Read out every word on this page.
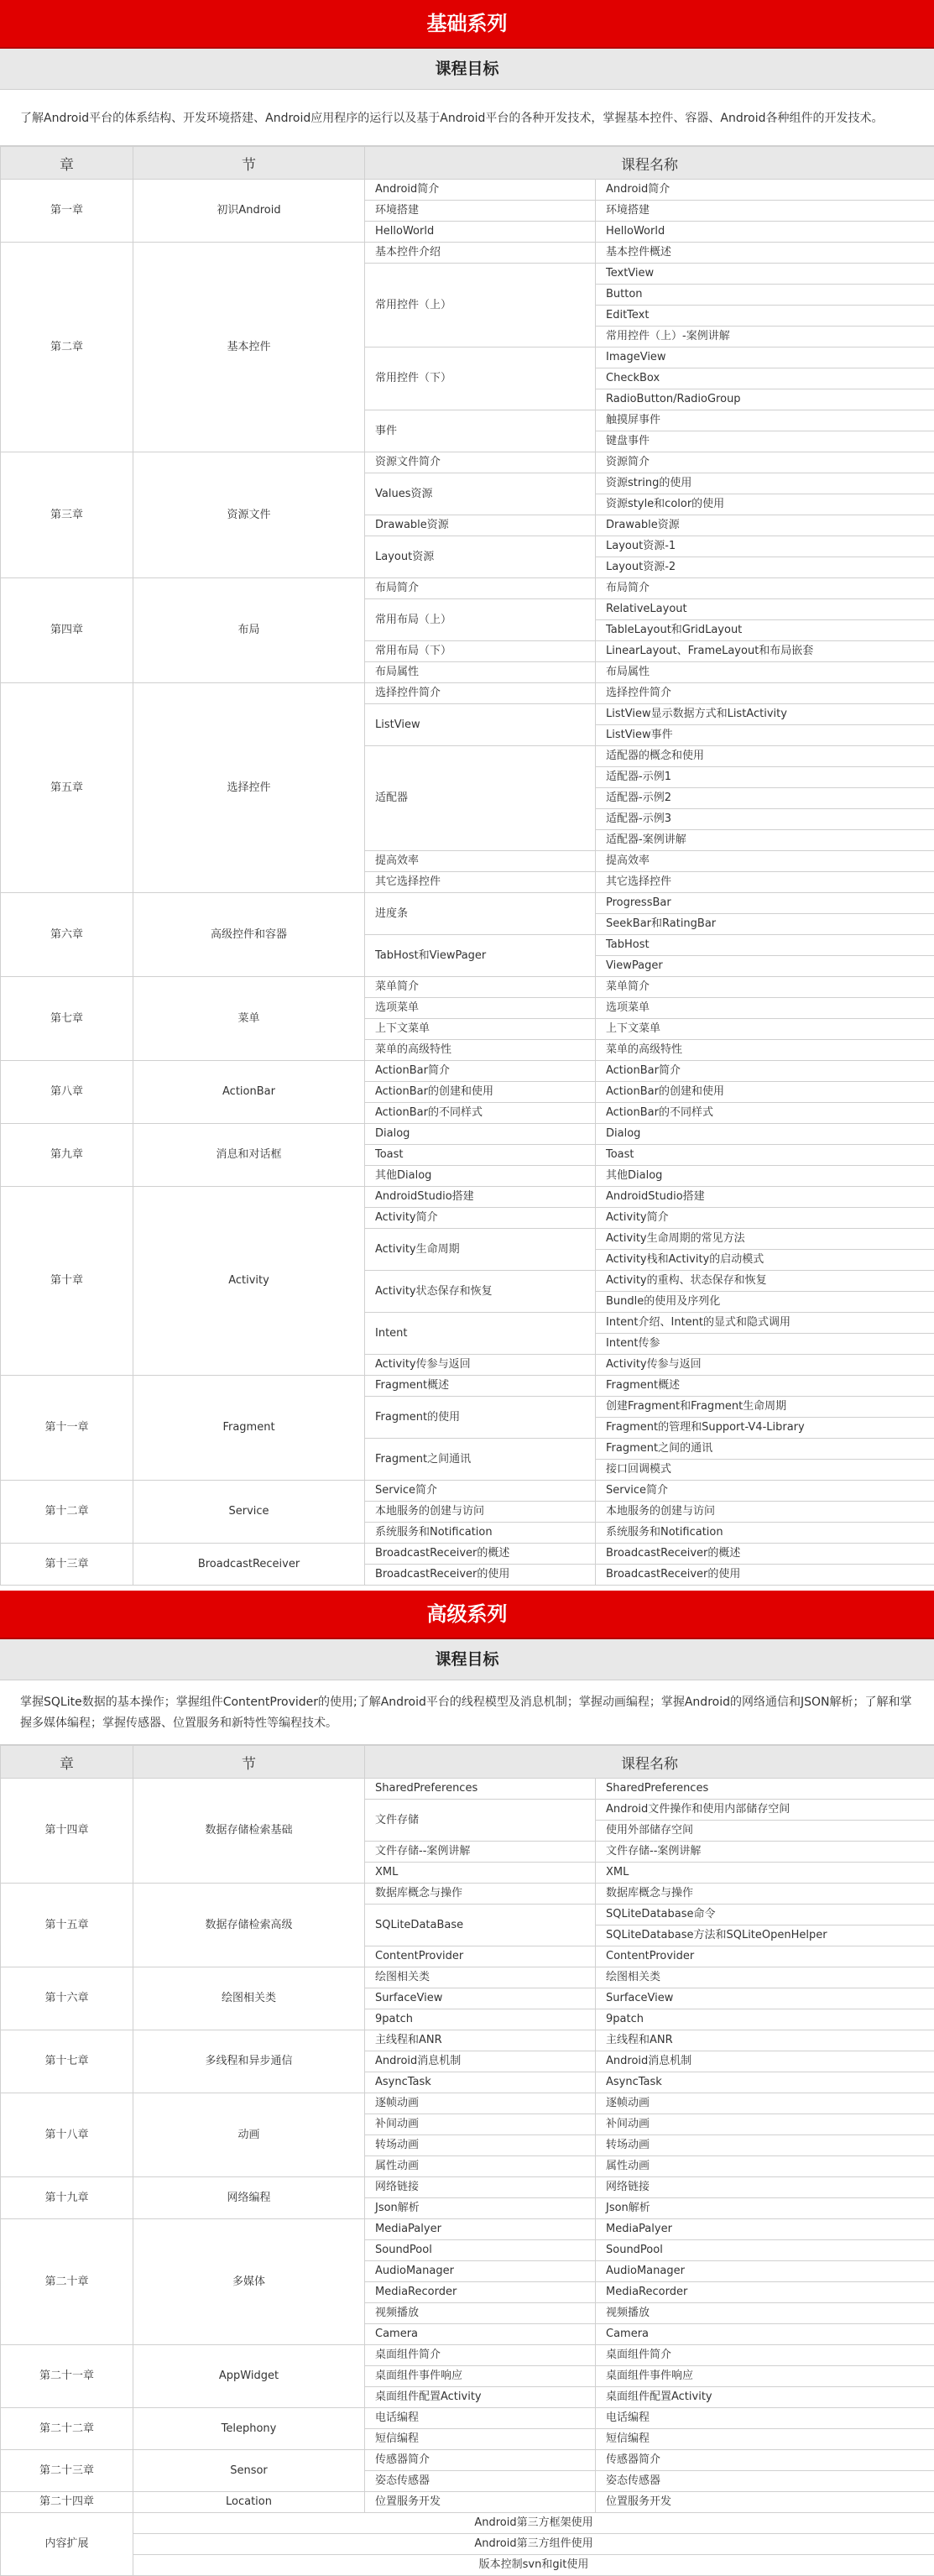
基础系列
课程目标
了解Android平台的体系结构、开发环境搭建、Android应用程序的运行以及基于Android平台的各种开发技术，掌握基本控件、容器、Android各种组件的开发技术。
章	节	课程名称	
第一章	初识Android	Android简介	Android简介
		环境搭建	环境搭建
		HelloWorld	HelloWorld
第二章	基本控件	基本控件介绍	基本控件概述
		常用控件（上）	TextView
			Button
			EditText
			常用控件（上）-案例讲解
		常用控件（下）	ImageView
			CheckBox
			RadioButton/RadioGroup
		事件	触摸屏事件
			键盘事件
第三章	资源文件	资源文件简介	资源简介
		Values资源	资源string的使用
			资源style和color的使用
		Drawable资源	Drawable资源
		Layout资源	Layout资源-1
			Layout资源-2
第四章	布局	布局简介	布局简介
		常用布局（上）	RelativeLayout
			TableLayout和GridLayout
		常用布局（下）	LinearLayout、FrameLayout和布局嵌套
		布局属性	布局属性
第五章	选择控件	选择控件简介	选择控件简介
		ListView	ListView显示数据方式和ListActivity
			ListView事件
		适配器	适配器的概念和使用
			适配器-示例1
			适配器-示例2
			适配器-示例3
			适配器-案例讲解
		提高效率	提高效率
		其它选择控件	其它选择控件
第六章	高级控件和容器	进度条	ProgressBar
			SeekBar和RatingBar
		TabHost和ViewPager	TabHost
			ViewPager
第七章	菜单	菜单简介	菜单简介
		选项菜单	选项菜单
		上下文菜单	上下文菜单
		菜单的高级特性	菜单的高级特性
第八章	ActionBar	ActionBar简介	ActionBar简介
		ActionBar的创建和使用	ActionBar的创建和使用
		ActionBar的不同样式	ActionBar的不同样式
第九章	消息和对话框	Dialog	Dialog
		Toast	Toast
		其他Dialog	其他Dialog
第十章	Activity	AndroidStudio搭建	AndroidStudio搭建
		Activity简介	Activity简介
		Activity生命周期	Activity生命周期的常见方法
			Activity栈和Activity的启动模式
		Activity状态保存和恢复	Activity的重构、状态保存和恢复
			Bundle的使用及序列化
		Intent	Intent介绍、Intent的显式和隐式调用
			Intent传参
		Activity传参与返回	Activity传参与返回
第十一章	Fragment	Fragment概述	Fragment概述
		Fragment的使用	创建Fragment和Fragment生命周期
			Fragment的管理和Support-V4-Library
		Fragment之间通讯	Fragment之间的通讯
			接口回调模式
第十二章	Service	Service简介	Service简介
		本地服务的创建与访问	本地服务的创建与访问
		系统服务和Notification	系统服务和Notification
第十三章	BroadcastReceiver	BroadcastReceiver的概述	BroadcastReceiver的概述
		BroadcastReceiver的使用	BroadcastReceiver的使用
高级系列
课程目标
掌握SQLite数据的基本操作；掌握组件ContentProvider的使用;了解Android平台的线程模型及消息机制；掌握动画编程；掌握Android的网络通信和JSON解析；了解和掌握多媒体编程；掌握传感器、位置服务和新特性等编程技术。
章	节	课程名称	
第十四章	数据存储检索基础	SharedPreferences	SharedPreferences
		文件存储	Android文件操作和使用内部储存空间
			使用外部储存空间
		文件存储--案例讲解	文件存储--案例讲解
		XML	XML
第十五章	数据存储检索高级	数据库概念与操作	数据库概念与操作
		SQLiteDataBase	SQLiteDatabase命令
			SQLiteDatabase方法和SQLiteOpenHelper
		ContentProvider	ContentProvider
第十六章	绘图相关类	绘图相关类	绘图相关类
		SurfaceView	SurfaceView
		9patch	9patch
第十七章	多线程和异步通信	主线程和ANR	主线程和ANR
		Android消息机制	Android消息机制
		AsyncTask	AsyncTask
第十八章	动画	逐帧动画	逐帧动画
		补间动画	补间动画
		转场动画	转场动画
		属性动画	属性动画
第十九章	网络编程	网络链接	网络链接
		Json解析	Json解析
第二十章	多媒体	MediaPalyer	MediaPalyer
		SoundPool	SoundPool
		AudioManager	AudioManager
		MediaRecorder	MediaRecorder
		视频播放	视频播放
		Camera	Camera
第二十一章	AppWidget	桌面组件简介	桌面组件简介
		桌面组件事件响应	桌面组件事件响应
		桌面组件配置Activity	桌面组件配置Activity
第二十二章	Telephony	电话编程	电话编程
		短信编程	短信编程
第二十三章	Sensor	传感器简介	传感器简介
		姿态传感器	姿态传感器
第二十四章	Location	位置服务开发	位置服务开发
内容扩展	Android第三方框架使用		
	Android第三方组件使用		
	版本控制svn和git使用		
